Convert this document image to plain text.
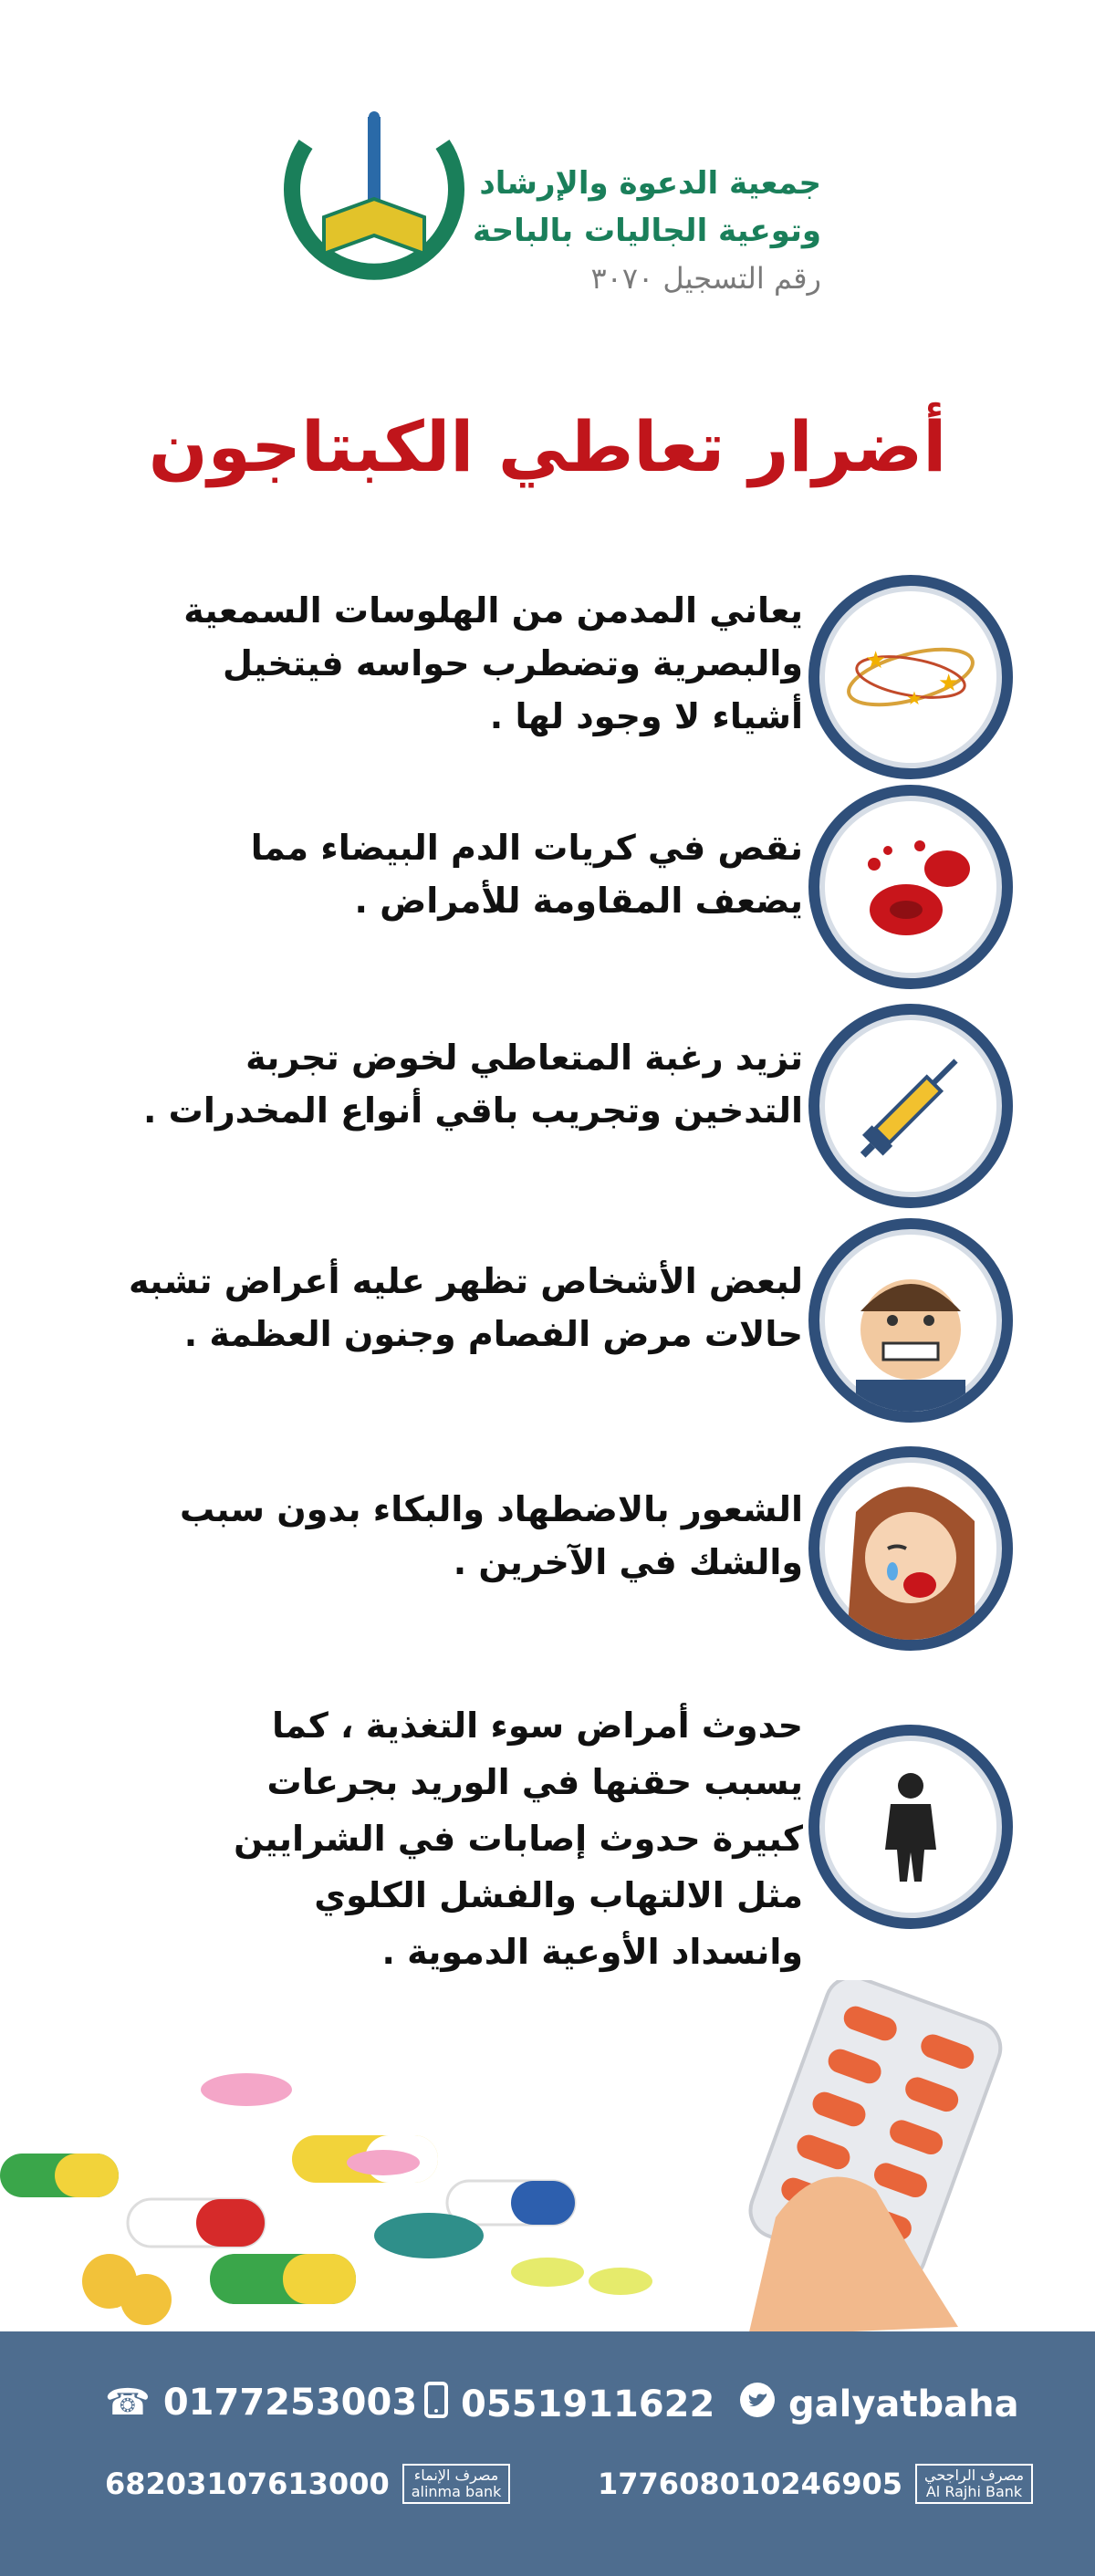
جمعية الدعوة والإرشاد
وتوعية الجاليات بالباحة
رقم التسجيل ٣٠٧٠
أضرار تعاطي الكبتاجون
★
★
★
يعاني المدمن من الهلوسات السمعية
والبصرية وتضطرب حواسه فيتخيل
أشياء لا وجود لها .
نقص في كريات الدم البيضاء مما
يضعف المقاومة للأمراض .
تزيد رغبة المتعاطي لخوض تجربة
التدخين وتجريب باقي أنواع المخدرات .
لبعض الأشخاص تظهر عليه أعراض تشبه
حالات مرض الفصام وجنون العظمة .
الشعور بالاضطهاد والبكاء بدون سبب
والشك في الآخرين .
حدوث أمراض سوء التغذية ، كما
يسبب حقنها في الوريد بجرعات
كبيرة حدوث إصابات في الشرايين
مثل الالتهاب والفشل الكلوي
وانسداد الأوعية الدموية .
☎ 0177253003 0551911622 galyatbaha
68203107613000 مصرف الإنماء
alinma bank	177608010246905 مصرف الراجحي
Al Rajhi Bank
